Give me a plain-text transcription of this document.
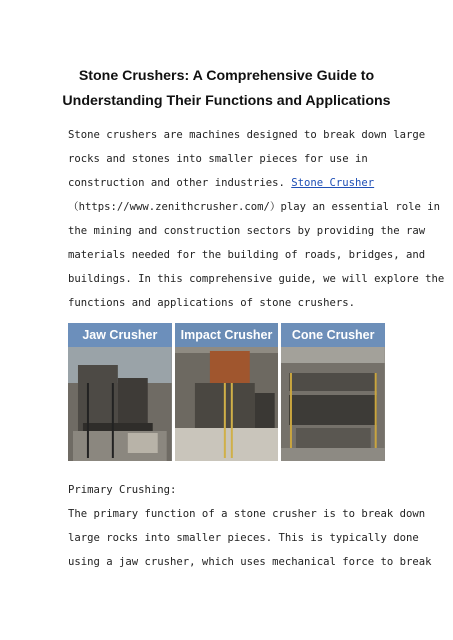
Stone Crushers: A Comprehensive Guide to
Understanding Their Functions and Applications
Stone crushers are machines designed to break down large
rocks and stones into smaller pieces for use in
construction and other industries. Stone Crusher
（https://www.zenithcrusher.com/）play an essential role in
the mining and construction sectors by providing the raw
materials needed for the building of roads, bridges, and
buildings. In this comprehensive guide, we will explore the
functions and applications of stone crushers.
Jaw Crusher	Impact Crusher	Cone Crusher
Primary Crushing:
The primary function of a stone crusher is to break down
large rocks into smaller pieces. This is typically done
using a jaw crusher, which uses mechanical force to break
